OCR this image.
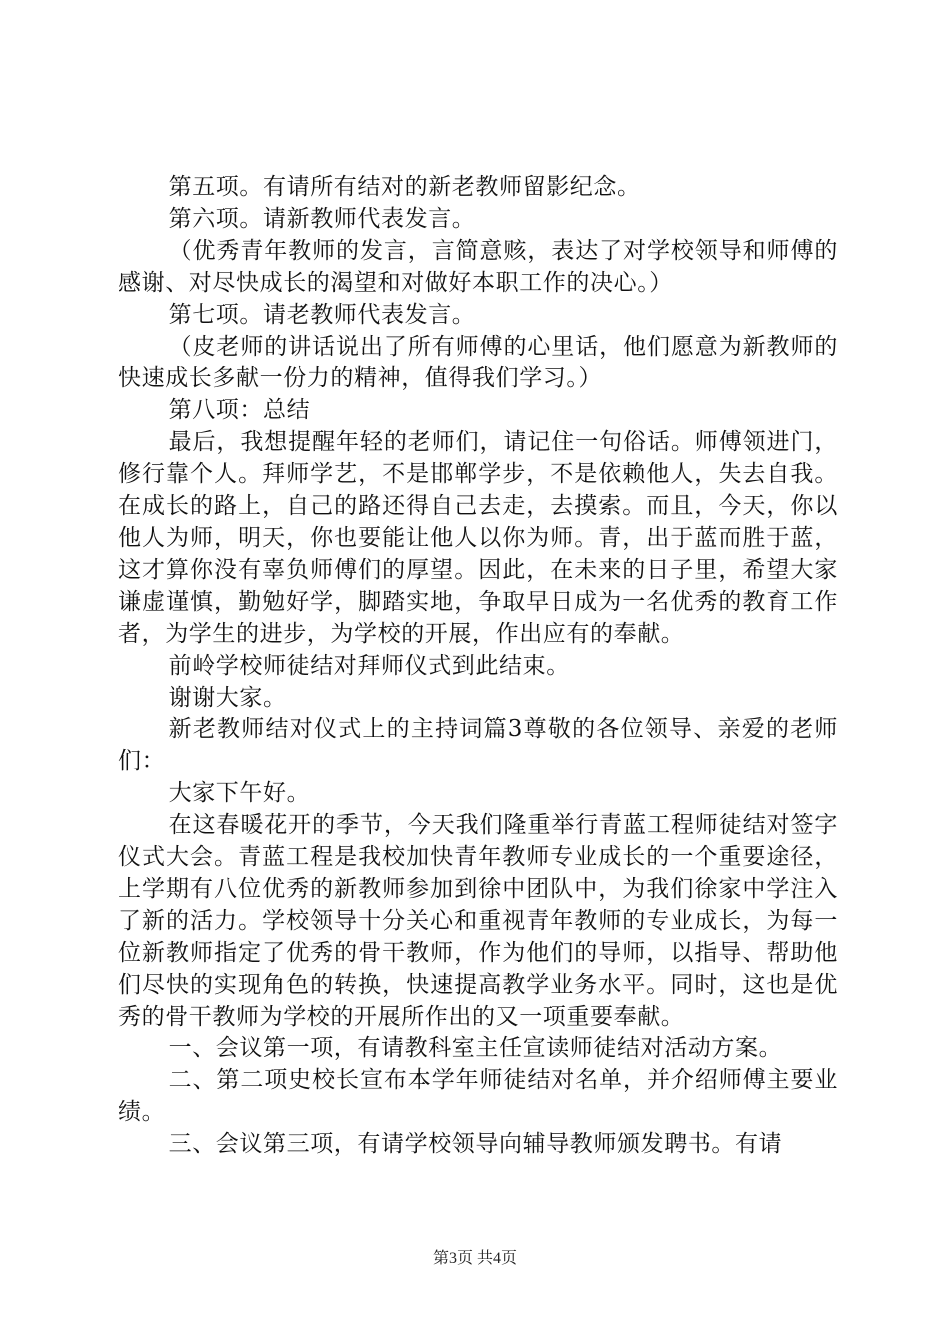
第五项。有请所有结对的新老教师留影纪念。

第六项。请新教师代表发言。

（优秀青年教师的发言，言简意赅，表达了对学校领导和师傅的感谢、对尽快成长的渴望和对做好本职工作的决心。）

第七项。请老教师代表发言。

（皮老师的讲话说出了所有师傅的心里话，他们愿意为新教师的快速成长多献一份力的精神，值得我们学习。）

第八项：总结

最后，我想提醒年轻的老师们，请记住一句俗话。师傅领进门，修行靠个人。拜师学艺，不是邯郸学步，不是依赖他人，失去自我。在成长的路上，自己的路还得自己去走，去摸索。而且，今天，你以他人为师，明天，你也要能让他人以你为师。青，出于蓝而胜于蓝，这才算你没有辜负师傅们的厚望。因此，在未来的日子里，希望大家谦虚谨慎，勤勉好学，脚踏实地，争取早日成为一名优秀的教育工作者，为学生的进步，为学校的开展，作出应有的奉献。

前岭学校师徒结对拜师仪式到此结束。

谢谢大家。

新老教师结对仪式上的主持词篇3尊敬的各位领导、亲爱的老师们：

大家下午好。

在这春暖花开的季节，今天我们隆重举行青蓝工程师徒结对签字仪式大会。青蓝工程是我校加快青年教师专业成长的一个重要途径，上学期有八位优秀的新教师参加到徐中团队中，为我们徐家中学注入了新的活力。学校领导十分关心和重视青年教师的专业成长，为每一位新教师指定了优秀的骨干教师，作为他们的导师，以指导、帮助他们尽快的实现角色的转换，快速提高教学业务水平。同时，这也是优秀的骨干教师为学校的开展所作出的又一项重要奉献。

一、会议第一项，有请教科室主任宣读师徒结对活动方案。

二、第二项史校长宣布本学年师徒结对名单，并介绍师傅主要业绩。

三、会议第三项，有请学校领导向辅导教师颁发聘书。有请

第3页 共4页
